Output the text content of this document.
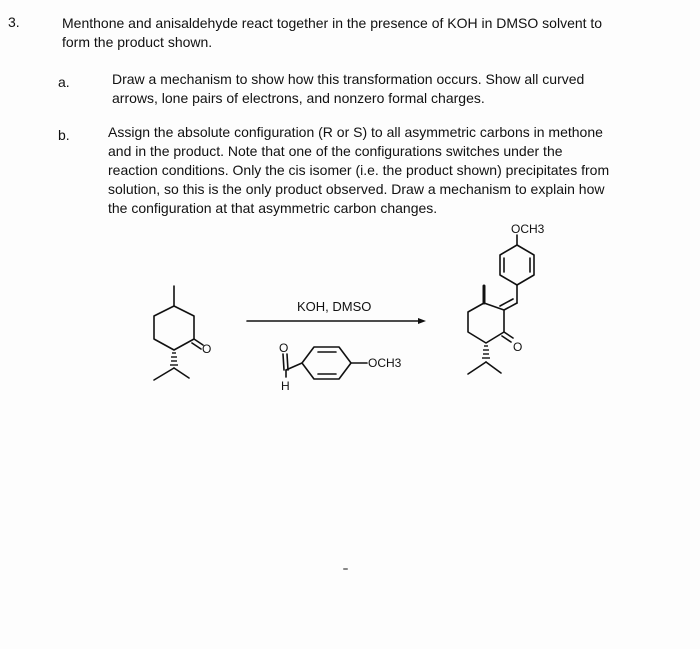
3.	Menthone and anisaldehyde react together in the presence of KOH in DMSO solvent to
form the product shown.
a.	Draw a mechanism to show how this transformation occurs. Show all curved
arrows, lone pairs of electrons, and nonzero formal charges.
b.	Assign the absolute configuration (R or S) to all asymmetric carbons in methone
and in the product. Note that one of the configurations switches under the
reaction conditions. Only the cis isomer (i.e. the product shown) precipitates from
solution, so this is the only product observed. Draw a mechanism to explain how
the configuration at that asymmetric carbon changes.
O
KOH, DMSO
O
H
OCH3
OCH3
O
